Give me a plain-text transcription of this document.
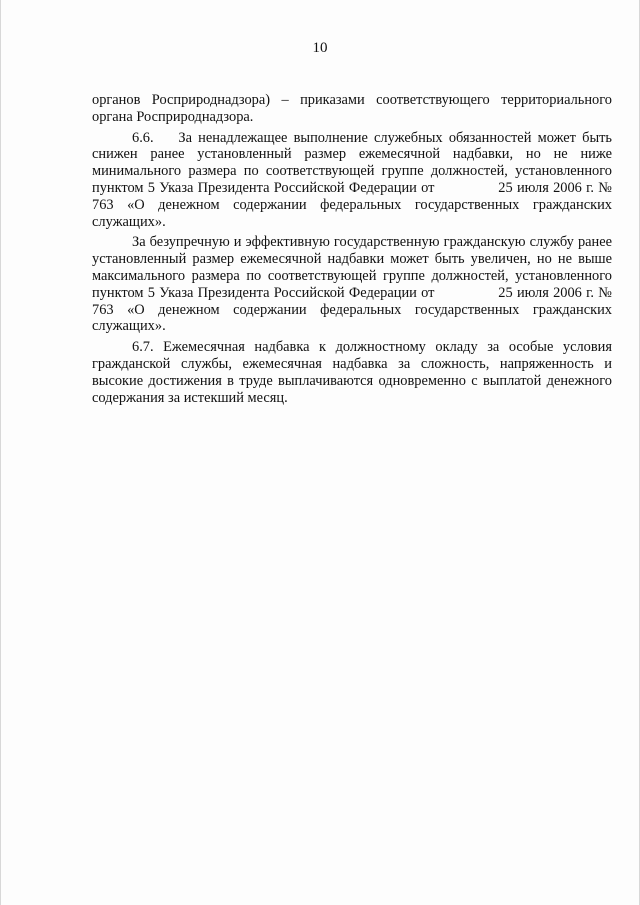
10

органов Росприроднадзора) – приказами соответствующего территориального органа Росприроднадзора.

6.6.    За ненадлежащее выполнение служебных обязанностей может быть снижен ранее установленный размер ежемесячной надбавки, но не ниже минимального размера по соответствующей группе должностей, установленного пунктом 5 Указа Президента Российской Федерации от               25 июля 2006 г. № 763 «О денежном содержании федеральных государственных гражданских служащих».

За безупречную и эффективную государственную гражданскую службу ранее установленный размер ежемесячной надбавки может быть увеличен, но не выше максимального размера по соответствующей группе должностей, установленного пунктом 5 Указа Президента Российской Федерации от               25 июля 2006 г. № 763 «О денежном содержании федеральных государственных гражданских служащих».

6.7. Ежемесячная надбавка к должностному окладу за особые условия гражданской службы, ежемесячная надбавка за сложность, напряженность и высокие достижения в труде выплачиваются одновременно с выплатой денежного содержания за истекший месяц.
